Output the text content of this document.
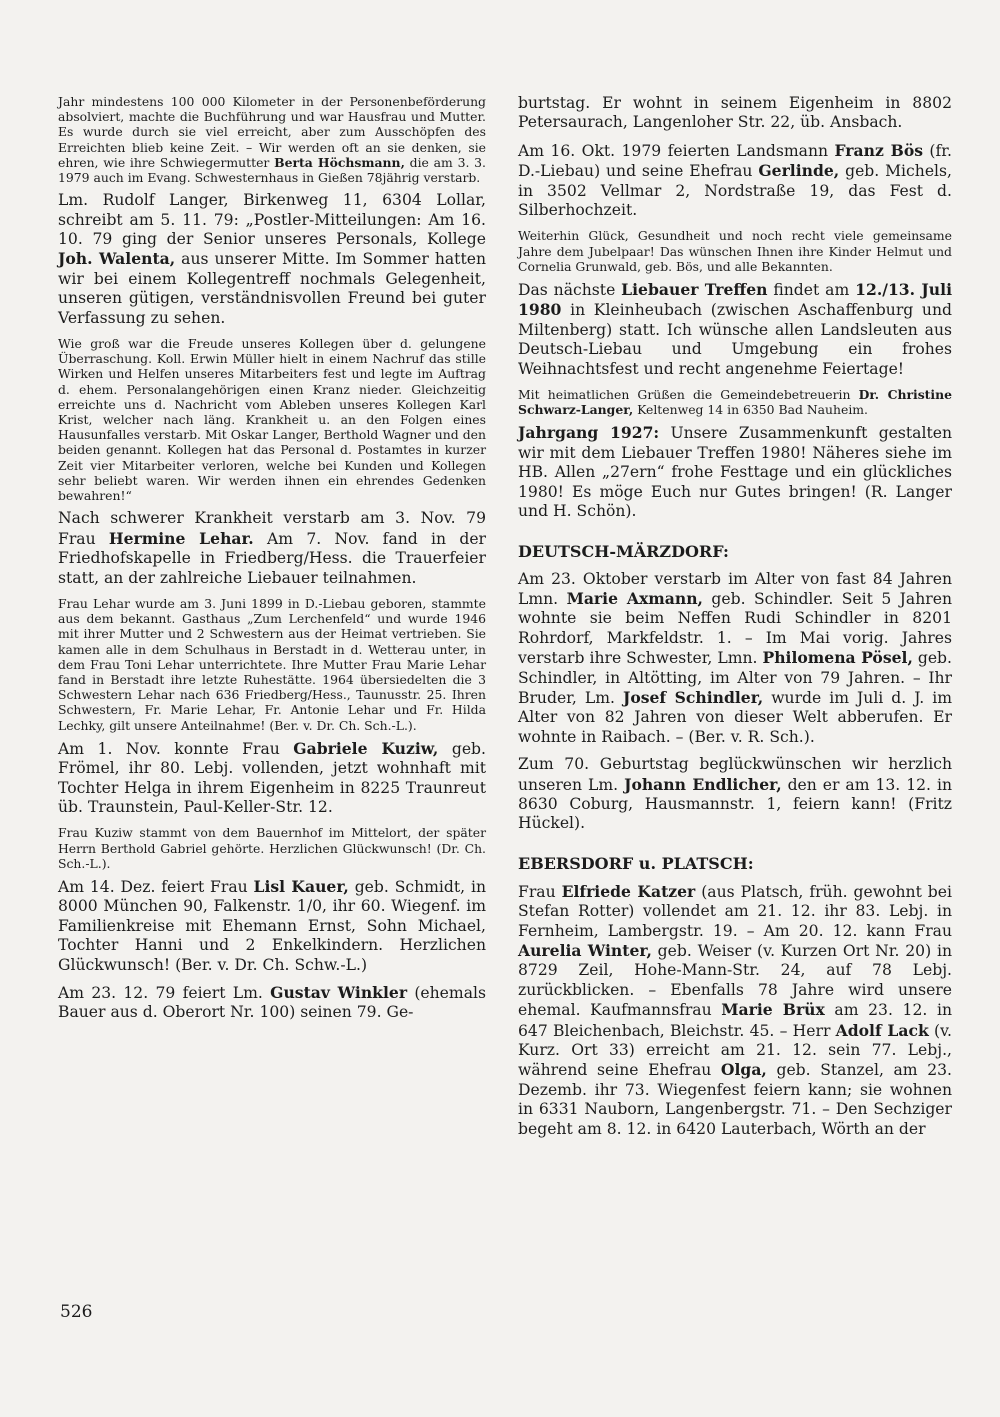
Jahr mindestens 100 000 Kilometer in der Personenbeförderung absolviert, machte die Buchführung und war Hausfrau und Mutter. Es wurde durch sie viel erreicht, aber zum Ausschöpfen des Erreichten blieb keine Zeit. – Wir werden oft an sie denken, sie ehren, wie ihre Schwiegermutter Berta Höchsmann, die am 3. 3. 1979 auch im Evang. Schwesternhaus in Gießen 78jährig verstarb.

Lm. Rudolf Langer, Birkenweg 11, 6304 Lollar, schreibt am 5. 11. 79: „Postler-Mitteilungen: Am 16. 10. 79 ging der Senior unseres Personals, Kollege Joh. Walenta, aus unserer Mitte. Im Sommer hatten wir bei einem Kollegentreff nochmals Gelegenheit, unseren gütigen, verständnisvollen Freund bei guter Verfassung zu sehen.

Wie groß war die Freude unseres Kollegen über d. gelungene Überraschung. Koll. Erwin Müller hielt in einem Nachruf das stille Wirken und Helfen unseres Mitarbeiters fest und legte im Auftrag d. ehem. Personalangehörigen einen Kranz nieder. Gleichzeitig erreichte uns d. Nachricht vom Ableben unseres Kollegen Karl Krist, welcher nach läng. Krankheit u. an den Folgen eines Hausunfalles verstarb. Mit Oskar Langer, Berthold Wagner und den beiden genannt. Kollegen hat das Personal d. Postamtes in kurzer Zeit vier Mitarbeiter verloren, welche bei Kunden und Kollegen sehr beliebt waren. Wir werden ihnen ein ehrendes Gedenken bewahren!“

Nach schwerer Krankheit verstarb am 3. Nov. 79 Frau Hermine Lehar. Am 7. Nov. fand in der Friedhofskapelle in Friedberg/Hess. die Trauerfeier statt, an der zahlreiche Liebauer teilnahmen.

Frau Lehar wurde am 3. Juni 1899 in D.-Liebau geboren, stammte aus dem bekannt. Gasthaus „Zum Lerchenfeld“ und wurde 1946 mit ihrer Mutter und 2 Schwestern aus der Heimat vertrieben. Sie kamen alle in dem Schulhaus in Berstadt in d. Wetterau unter, in dem Frau Toni Lehar unterrichtete. Ihre Mutter Frau Marie Lehar fand in Berstadt ihre letzte Ruhestätte. 1964 übersiedelten die 3 Schwestern Lehar nach 636 Friedberg/Hess., Taunusstr. 25. Ihren Schwestern, Fr. Marie Lehar, Fr. Antonie Lehar und Fr. Hilda Lechky, gilt unsere Anteilnahme! (Ber. v. Dr. Ch. Sch.-L.).

Am 1. Nov. konnte Frau Gabriele Kuziw, geb. Frömel, ihr 80. Lebj. vollenden, jetzt wohnhaft mit Tochter Helga in ihrem Eigenheim in 8225 Traunreut üb. Traunstein, Paul-Keller-Str. 12.

Frau Kuziw stammt von dem Bauernhof im Mittelort, der später Herrn Berthold Gabriel gehörte. Herzlichen Glückwunsch! (Dr. Ch. Sch.-L.).

Am 14. Dez. feiert Frau Lisl Kauer, geb. Schmidt, in 8000 München 90, Falkenstr. 1/0, ihr 60. Wiegenf. im Familienkreise mit Ehemann Ernst, Sohn Michael, Tochter Hanni und 2 Enkelkindern. Herzlichen Glückwunsch! (Ber. v. Dr. Ch. Schw.-L.)

Am 23. 12. 79 feiert Lm. Gustav Winkler (ehemals Bauer aus d. Oberort Nr. 100) seinen 79. Ge-

burtstag. Er wohnt in seinem Eigenheim in 8802 Petersaurach, Langenloher Str. 22, üb. Ansbach.

Am 16. Okt. 1979 feierten Landsmann Franz Bös (fr. D.-Liebau) und seine Ehefrau Gerlinde, geb. Michels, in 3502 Vellmar 2, Nordstraße 19, das Fest d. Silberhochzeit.

Weiterhin Glück, Gesundheit und noch recht viele gemeinsame Jahre dem Jubelpaar! Das wünschen Ihnen ihre Kinder Helmut und Cornelia Grunwald, geb. Bös, und alle Bekannten.

Das nächste Liebauer Treffen findet am 12./13. Juli 1980 in Kleinheubach (zwischen Aschaffenburg und Miltenberg) statt. Ich wünsche allen Landsleuten aus Deutsch-Liebau und Umgebung ein frohes Weihnachtsfest und recht angenehme Feiertage!

Mit heimatlichen Grüßen die Gemeindebetreuerin Dr. Christine Schwarz-Langer, Keltenweg 14 in 6350 Bad Nauheim.

Jahrgang 1927: Unsere Zusammenkunft gestalten wir mit dem Liebauer Treffen 1980! Näheres siehe im HB. Allen „27ern“ frohe Festtage und ein glückliches 1980! Es möge Euch nur Gutes bringen! (R. Langer und H. Schön).

DEUTSCH-MÄRZDORF:

Am 23. Oktober verstarb im Alter von fast 84 Jahren Lmn. Marie Axmann, geb. Schindler. Seit 5 Jahren wohnte sie beim Neffen Rudi Schindler in 8201 Rohrdorf, Markfeldstr. 1. – Im Mai vorig. Jahres verstarb ihre Schwester, Lmn. Philomena Pösel, geb. Schindler, in Altötting, im Alter von 79 Jahren. – Ihr Bruder, Lm. Josef Schindler, wurde im Juli d. J. im Alter von 82 Jahren von dieser Welt abberufen. Er wohnte in Raibach. – (Ber. v. R. Sch.).

Zum 70. Geburtstag beglückwünschen wir herzlich unseren Lm. Johann Endlicher, den er am 13. 12. in 8630 Coburg, Hausmannstr. 1, feiern kann! (Fritz Hückel).

EBERSDORF u. PLATSCH:

Frau Elfriede Katzer (aus Platsch, früh. gewohnt bei Stefan Rotter) vollendet am 21. 12. ihr 83. Lebj. in Fernheim, Lambergstr. 19. – Am 20. 12. kann Frau Aurelia Winter, geb. Weiser (v. Kurzen Ort Nr. 20) in 8729 Zeil, Hohe-Mann-Str. 24, auf 78 Lebj. zurückblicken. – Ebenfalls 78 Jahre wird unsere ehemal. Kaufmannsfrau Marie Brüx am 23. 12. in 647 Bleichenbach, Bleichstr. 45. – Herr Adolf Lack (v. Kurz. Ort 33) erreicht am 21. 12. sein 77. Lebj., während seine Ehefrau Olga, geb. Stanzel, am 23. Dezemb. ihr 73. Wiegenfest feiern kann; sie wohnen in 6331 Nauborn, Langenbergstr. 71. – Den Sechziger begeht am 8. 12. in 6420 Lauterbach, Wörth an der

526
